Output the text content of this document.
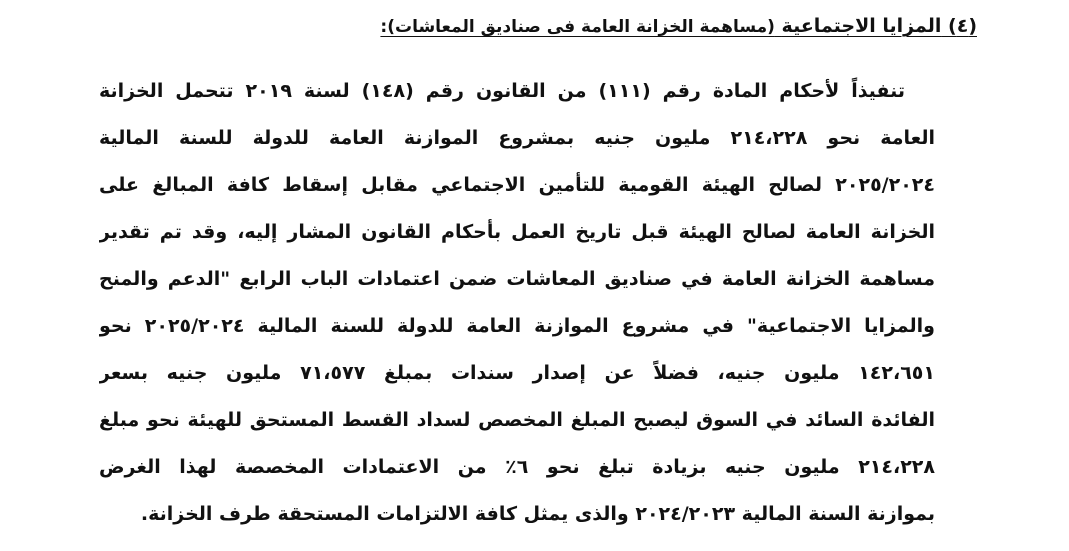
(٤) المزايا الاجتماعية (مساهمة الخزانة العامة فى صناديق المعاشات):
تنفيذاً لأحكام المادة رقم (١١١) من القانون رقم (١٤٨) لسنة ٢٠١٩ تتحمل الخزانة
العامة نحو ٢١٤،٢٢٨ مليون جنيه بمشروع الموازنة العامة للدولة للسنة المالية
٢٠٢٥/٢٠٢٤ لصالح الهيئة القومية للتأمين الاجتماعي مقابل إسقاط كافة المبالغ على
الخزانة العامة لصالح الهيئة قبل تاريخ العمل بأحكام القانون المشار إليه، وقد تم تقدير
مساهمة الخزانة العامة في صناديق المعاشات ضمن اعتمادات الباب الرابع "الدعم والمنح
والمزايا الاجتماعية" في مشروع الموازنة العامة للدولة للسنة المالية ٢٠٢٥/٢٠٢٤ نحو
١٤٢،٦٥١ مليون جنيه، فضلاً عن إصدار سندات بمبلغ ٧١،٥٧٧ مليون جنيه بسعر
الفائدة السائد في السوق ليصبح المبلغ المخصص لسداد القسط المستحق للهيئة نحو مبلغ
٢١٤،٢٢٨ مليون جنيه بزيادة تبلغ نحو ٦٪ من الاعتمادات المخصصة لهذا الغرض
بموازنة السنة المالية ٢٠٢٤/٢٠٢٣ والذى يمثل كافة الالتزامات المستحقة طرف الخزانة.
